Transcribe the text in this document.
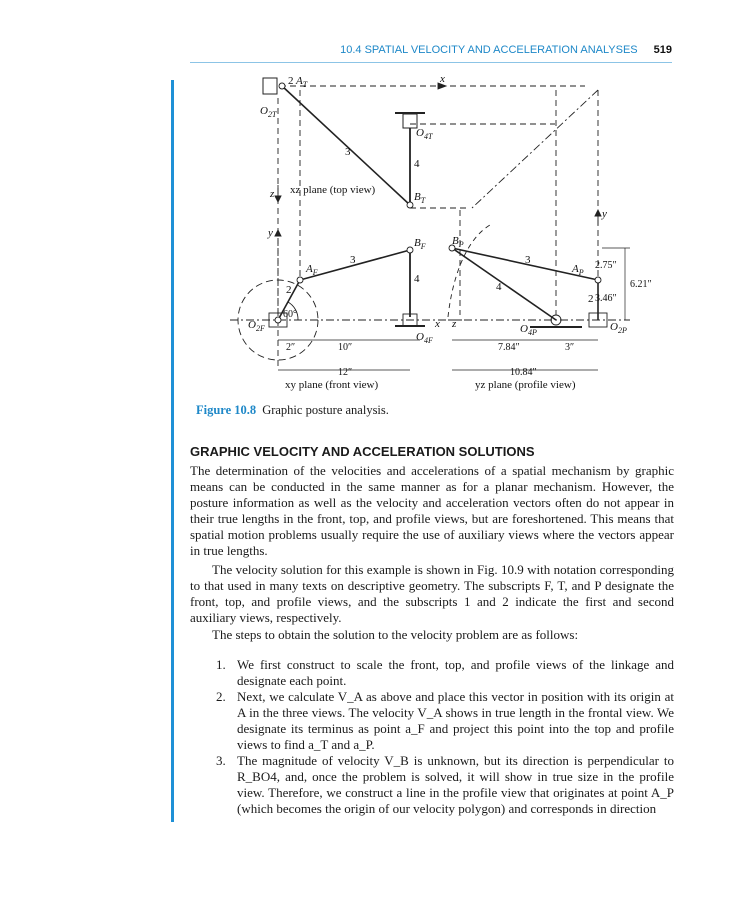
10.4 SPATIAL VELOCITY AND ACCELERATION ANALYSES 519
$O_{2T}$
2 $A_T$	x
$O_{4T}$
3
4
z xz plane (top view)
$B_T$
y
y
$B_F$ $B_P$
3
$A_F$
4
2
60°
$O_{2F}$	x z
$O_{4F}$
3
$A_P$
4
2
$O_{4P}$	$O_{2P}$
2″	10″
12″
7.84″	3″
10.84″
2.75″
6.21″
3.46″
xy plane (front view)	yz plane (profile view)
Figure 10.8 Graphic posture analysis.
GRAPHIC VELOCITY AND ACCELERATION SOLUTIONS

The determination of the velocities and accelerations of a spatial mechanism by graphic means can be conducted in the same manner as for a planar mechanism. However, the posture information as well as the velocity and acceleration vectors often do not appear in their true lengths in the front, top, and profile views, but are foreshortened. This means that spatial motion problems usually require the use of auxiliary views where the vectors appear in true lengths.

The velocity solution for this example is shown in Fig. 10.9 with notation corresponding to that used in many texts on descriptive geometry. The subscripts F, T, and P designate the front, top, and profile views, and the subscripts 1 and 2 indicate the first and second auxiliary views, respectively.

The steps to obtain the solution to the velocity problem are as follows:

1. We first construct to scale the front, top, and profile views of the linkage and designate each point.
2. Next, we calculate V_A as above and place this vector in position with its origin at A in the three views. The velocity V_A shows in true length in the frontal view. We designate its terminus as point a_F and project this point into the top and profile views to find a_T and a_P.
3. The magnitude of velocity V_B is unknown, but its direction is perpendicular to R_BO4, and, once the problem is solved, it will show in true size in the profile view. Therefore, we construct a line in the profile view that originates at point A_P (which becomes the origin of our velocity polygon) and corresponds in direction
